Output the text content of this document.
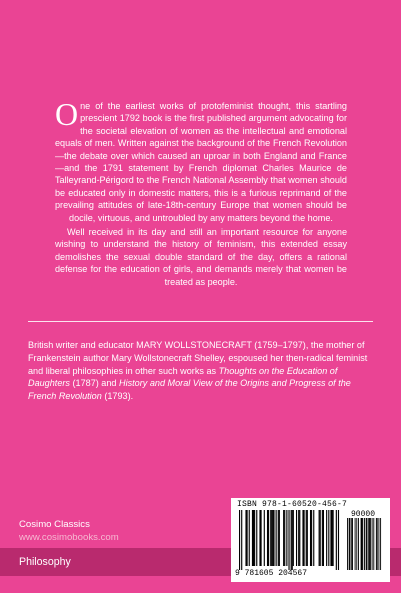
One of the earliest works of protofeminist thought, this startling prescient 1792 book is the first published argument advocating for the societal elevation of women as the intellectual and emotional equals of men. Written against the background of the French Revolution—the debate over which caused an uproar in both England and France—and the 1791 statement by French diplomat Charles Maurice de Talleyrand-Périgord to the French National Assembly that women should be educated only in domestic matters, this is a furious reprimand of the prevailing attitudes of late-18th-century Europe that women should be docile, virtuous, and untroubled by any matters beyond the home.

Well received in its day and still an important resource for anyone wishing to understand the history of feminism, this extended essay demolishes the sexual double standard of the day, offers a rational defense for the education of girls, and demands merely that women be treated as people.

British writer and educator MARY WOLLSTONECRAFT (1759–1797), the mother of Frankenstein author Mary Wollstonecraft Shelley, espoused her then-radical feminist and liberal philosophies in other such works as Thoughts on the Education of Daughters (1787) and History and Moral View of the Origins and Progress of the French Revolution (1793).
Cosimo Classics
www.cosimobooks.com
Philosophy
ISBN 978-1-60520-456-7
90000
9 781605 204567
